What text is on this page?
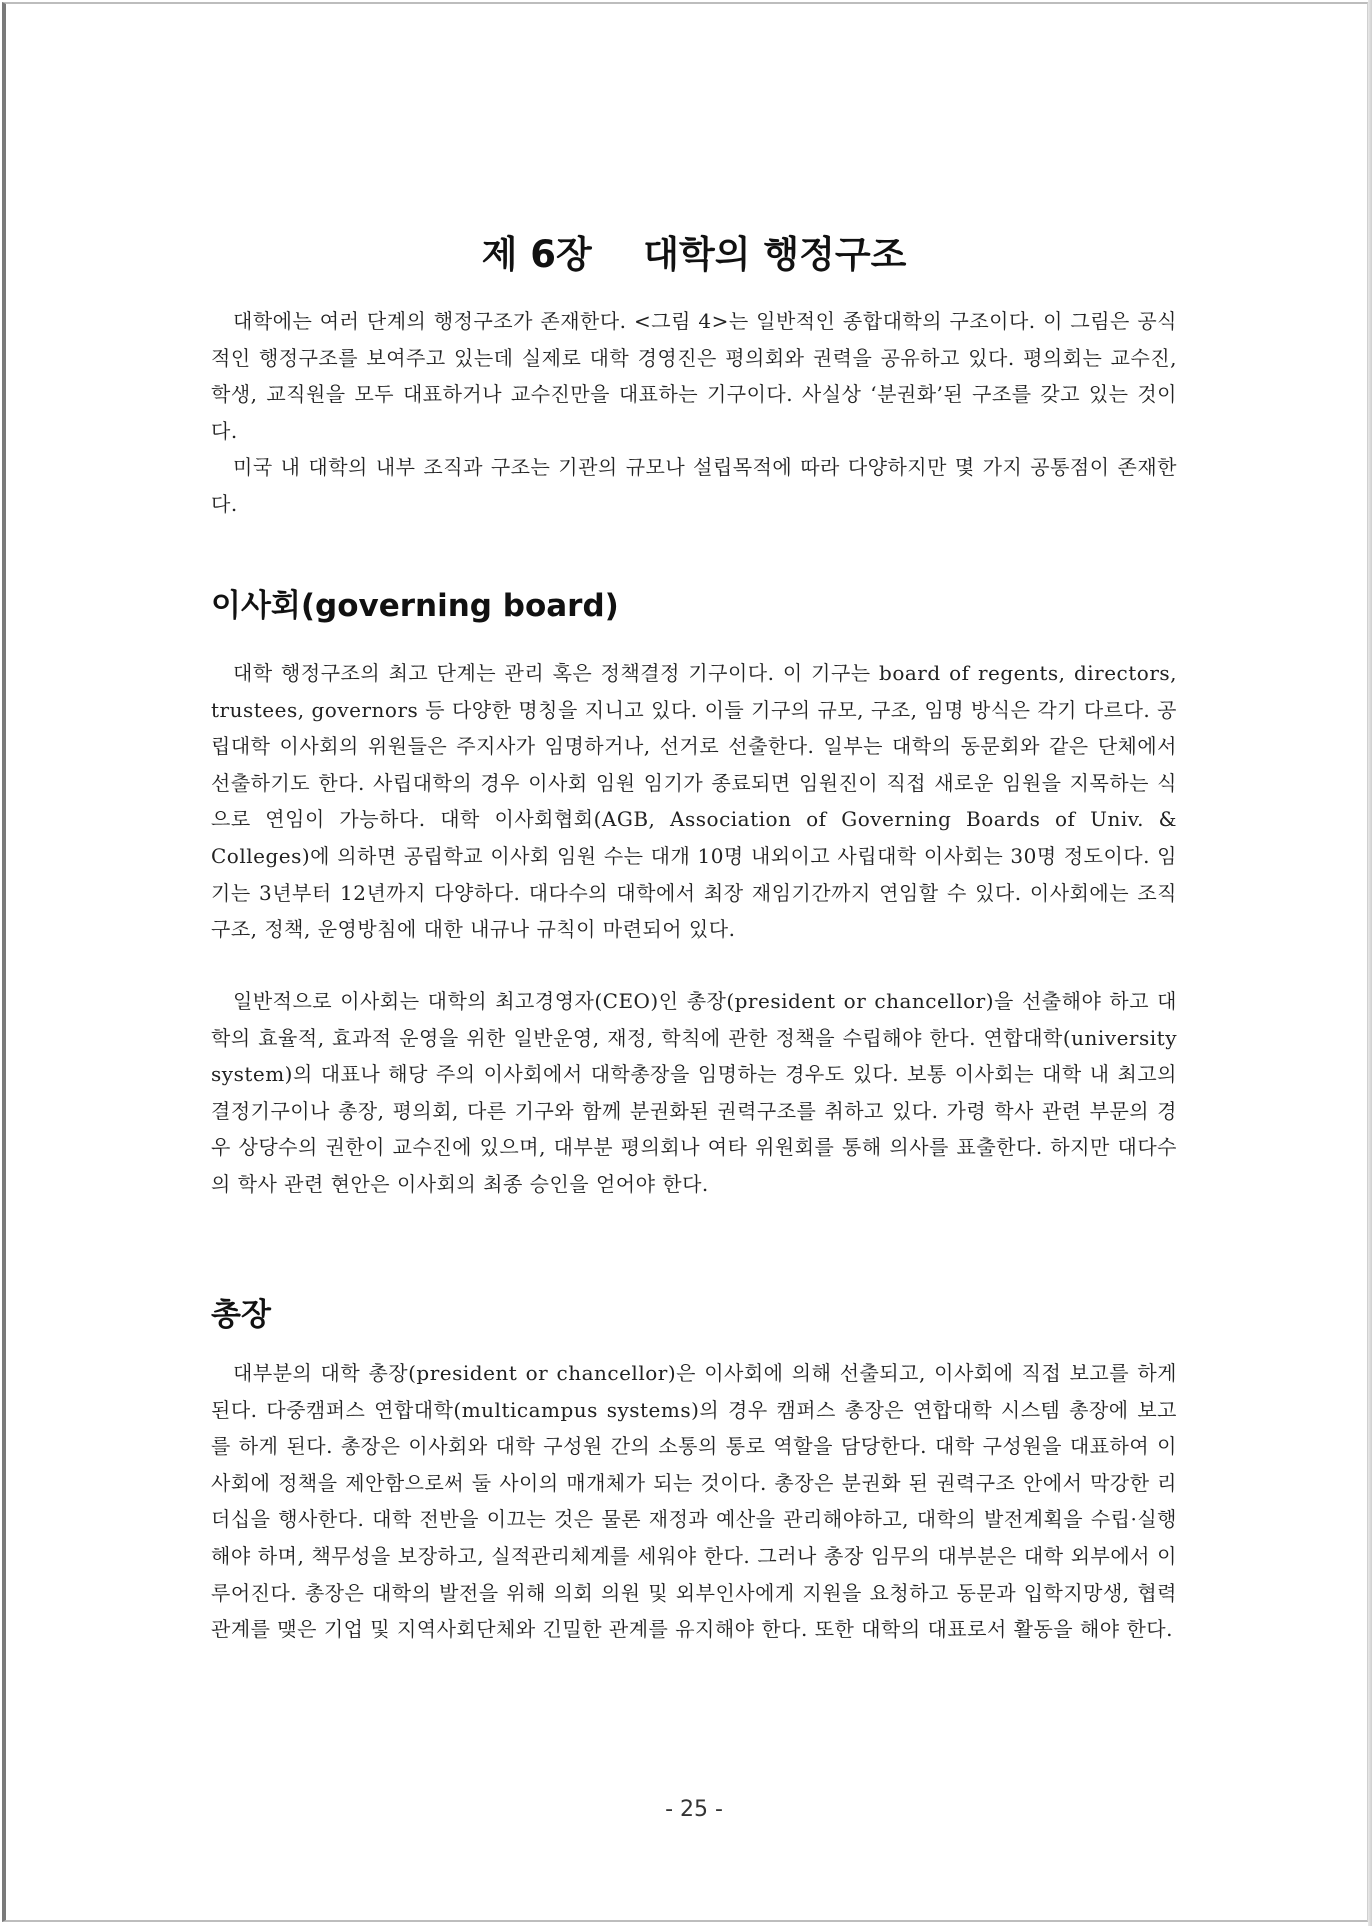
제 6장    대학의 행정구조

대학에는 여러 단계의 행정구조가 존재한다. <그림 4>는 일반적인 종합대학의 구조이다. 이 그림은 공식적인 행정구조를 보여주고 있는데 실제로 대학 경영진은 평의회와 권력을 공유하고 있다. 평의회는 교수진, 학생, 교직원을 모두 대표하거나 교수진만을 대표하는 기구이다. 사실상 ‘분권화’된 구조를 갖고 있는 것이다.

미국 내 대학의 내부 조직과 구조는 기관의 규모나 설립목적에 따라 다양하지만 몇 가지 공통점이 존재한다.

이사회(governing board)

대학 행정구조의 최고 단계는 관리 혹은 정책결정 기구이다. 이 기구는 board of regents, directors, trustees, governors 등 다양한 명칭을 지니고 있다. 이들 기구의 규모, 구조, 임명 방식은 각기 다르다. 공립대학 이사회의 위원들은 주지사가 임명하거나, 선거로 선출한다. 일부는 대학의 동문회와 같은 단체에서 선출하기도 한다. 사립대학의 경우 이사회 임원 임기가 종료되면 임원진이 직접 새로운 임원을 지목하는 식으로 연임이 가능하다. 대학 이사회협회(AGB, Association of Governing Boards of Univ. & Colleges)에 의하면 공립학교 이사회 임원 수는 대개 10명 내외이고 사립대학 이사회는 30명 정도이다. 임기는 3년부터 12년까지 다양하다. 대다수의 대학에서 최장 재임기간까지 연임할 수 있다. 이사회에는 조직구조, 정책, 운영방침에 대한 내규나 규칙이 마련되어 있다.

일반적으로 이사회는 대학의 최고경영자(CEO)인 총장(president or chancellor)을 선출해야 하고 대학의 효율적, 효과적 운영을 위한 일반운영, 재정, 학칙에 관한 정책을 수립해야 한다. 연합대학(university system)의 대표나 해당 주의 이사회에서 대학총장을 임명하는 경우도 있다. 보통 이사회는 대학 내 최고의 결정기구이나 총장, 평의회, 다른 기구와 함께 분권화된 권력구조를 취하고 있다. 가령 학사 관련 부문의 경우 상당수의 권한이 교수진에 있으며, 대부분 평의회나 여타 위원회를 통해 의사를 표출한다. 하지만 대다수의 학사 관련 현안은 이사회의 최종 승인을 얻어야 한다.

총장

대부분의 대학 총장(president or chancellor)은 이사회에 의해 선출되고, 이사회에 직접 보고를 하게 된다. 다중캠퍼스 연합대학(multicampus systems)의 경우 캠퍼스 총장은 연합대학 시스템 총장에 보고를 하게 된다. 총장은 이사회와 대학 구성원 간의 소통의 통로 역할을 담당한다. 대학 구성원을 대표하여 이사회에 정책을 제안함으로써 둘 사이의 매개체가 되는 것이다. 총장은 분권화 된 권력구조 안에서 막강한 리더십을 행사한다. 대학 전반을 이끄는 것은 물론 재정과 예산을 관리해야하고, 대학의 발전계획을 수립·실행해야 하며, 책무성을 보장하고, 실적관리체계를 세워야 한다. 그러나 총장 임무의 대부분은 대학 외부에서 이루어진다. 총장은 대학의 발전을 위해 의회 의원 및 외부인사에게 지원을 요청하고 동문과 입학지망생, 협력관계를 맺은 기업 및 지역사회단체와 긴밀한 관계를 유지해야 한다. 또한 대학의 대표로서 활동을 해야 한다.

- 25 -
